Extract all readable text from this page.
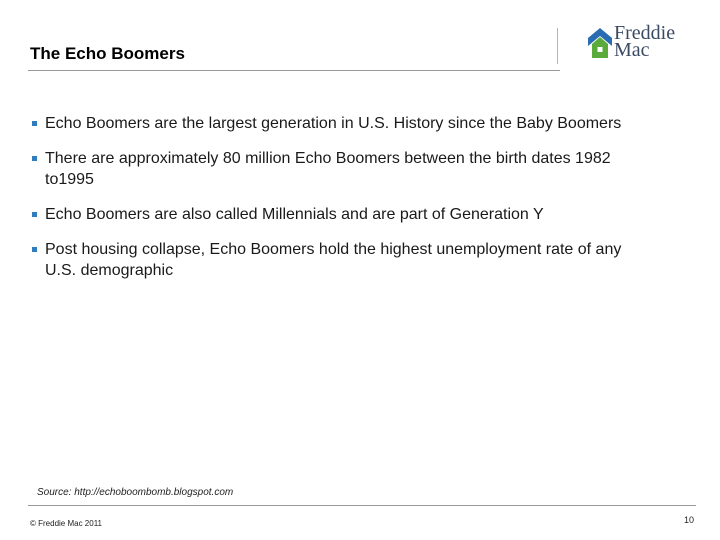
The Echo Boomers
Freddie
Mac
Echo Boomers are the largest generation in U.S. History since the Baby Boomers
There are approximately 80 million Echo Boomers between the birth dates 1982 to1995
Echo Boomers are also called Millennials and are part of Generation Y
Post housing collapse, Echo Boomers hold the highest unemployment rate of any U.S. demographic
Source: http://echoboombomb.blogspot.com
© Freddie Mac 2011	10
